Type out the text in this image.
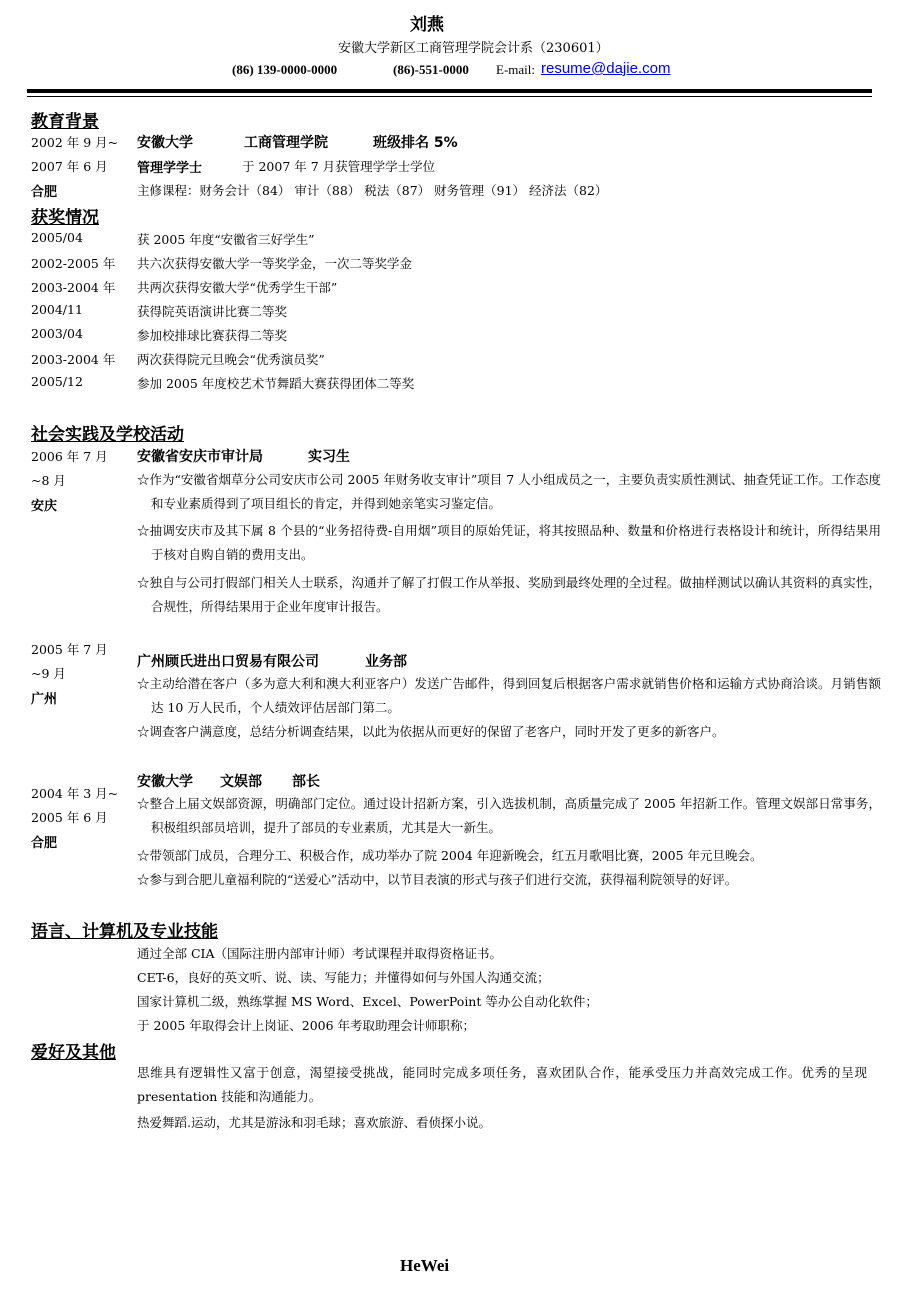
刘燕
安徽大学新区工商管理学院会计系（230601）
(86) 139-0000-0000	(86)-551-0000 E-mail: resume@dajie.com
教育背景
2002 年 9 月~ 安徽大学	工商管理学院	班级排名 5%
2007 年 6 月 管理学学士	于 2007 年 7 月获管理学学士学位
合肥	主修课程：财务会计（84） 审计（88） 税法（87） 财务管理（91） 经济法（82）
获奖情况
2005/04	获 2005 年度“安徽省三好学生”
2002-2005 年 共六次获得安徽大学一等奖学金，一次二等奖学金
2003-2004 年 共两次获得安徽大学“优秀学生干部”
2004/11	获得院英语演讲比赛二等奖
2003/04	参加校排球比赛获得二等奖
2003-2004 年 两次获得院元旦晚会“优秀演员奖”
2005/12	参加 2005 年度校艺术节舞蹈大赛获得团体二等奖
社会实践及学校活动
2006 年 7 月
~8 月
安庆
安徽省安庆市审计局	实习生
☆作为“安徽省烟草分公司安庆市公司 2005 年财务收支审计”项目 7 人小组成员之一，主要负责实质性测试、抽查凭证工作。工作态度和专业素质得到了项目组长的肯定，并得到她亲笔实习鉴定信。
☆抽调安庆市及其下属 8 个县的“业务招待费-自用烟”项目的原始凭证，将其按照品种、数量和价格进行表格设计和统计，所得结果用于核对自购自销的费用支出。
☆独自与公司打假部门相关人士联系，沟通并了解了打假工作从举报、奖励到最终处理的全过程。做抽样测试以确认其资料的真实性，合规性，所得结果用于企业年度审计报告。
2005 年 7 月
~9 月
广州
广州顾氏进出口贸易有限公司	业务部
☆主动给潜在客户（多为意大利和澳大利亚客户）发送广告邮件，得到回复后根据客户需求就销售价格和运输方式协商洽谈。月销售额达 10 万人民币，个人绩效评估居部门第二。
☆调查客户满意度，总结分析调查结果，以此为依据从而更好的保留了老客户，同时开发了更多的新客户。
2004 年 3 月~
2005 年 6 月
合肥
安徽大学 文娱部 部长
☆整合上届文娱部资源，明确部门定位。通过设计招新方案，引入选拔机制，高质量完成了 2005 年招新工作。管理文娱部日常事务，积极组织部员培训，提升了部员的专业素质，尤其是大一新生。
☆带领部门成员，合理分工、积极合作，成功举办了院 2004 年迎新晚会，红五月歌唱比赛，2005 年元旦晚会。
☆参与到合肥儿童福利院的“送爱心”活动中，以节目表演的形式与孩子们进行交流，获得福利院领导的好评。
语言、计算机及专业技能
通过全部 CIA（国际注册内部审计师）考试课程并取得资格证书。
CET-6，良好的英文听、说、读、写能力；并懂得如何与外国人沟通交流；
国家计算机二级，熟练掌握 MS Word、Excel、PowerPoint 等办公自动化软件；
于 2005 年取得会计上岗证、2006 年考取助理会计师职称；
爱好及其他
思维具有逻辑性又富于创意，渴望接受挑战，能同时完成多项任务，喜欢团队合作，能承受压力并高效完成工作。优秀的呈现 presentation 技能和沟通能力。
热爱舞蹈.运动，尤其是游泳和羽毛球；喜欢旅游、看侦探小说。
HeWei
